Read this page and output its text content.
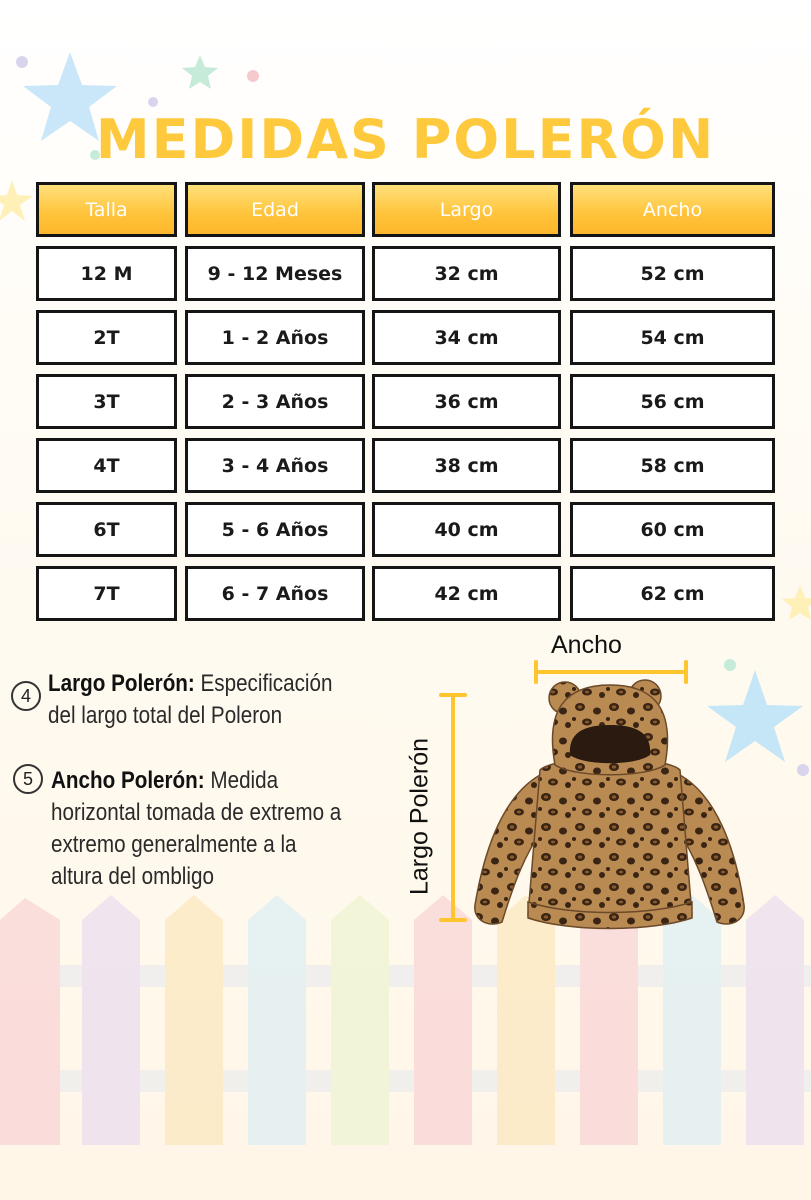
MEDIDAS POLERÓN
Talla	Edad	Largo	Ancho
12 M	9 - 12 Meses	32 cm	52 cm
2T	1 - 2 Años	34 cm	54 cm
3T	2 - 3 Años	36 cm	56 cm
4T	3 - 4 Años	38 cm	58 cm
6T	5 - 6 Años	40 cm	60 cm
7T	6 - 7 Años	42 cm	62 cm
4 Largo Polerón: Especificación
del largo total del Poleron
5 Ancho Polerón: Medida
horizontal tomada de extremo a
extremo generalmente a la
altura del ombligo
Ancho
Largo Polerón
